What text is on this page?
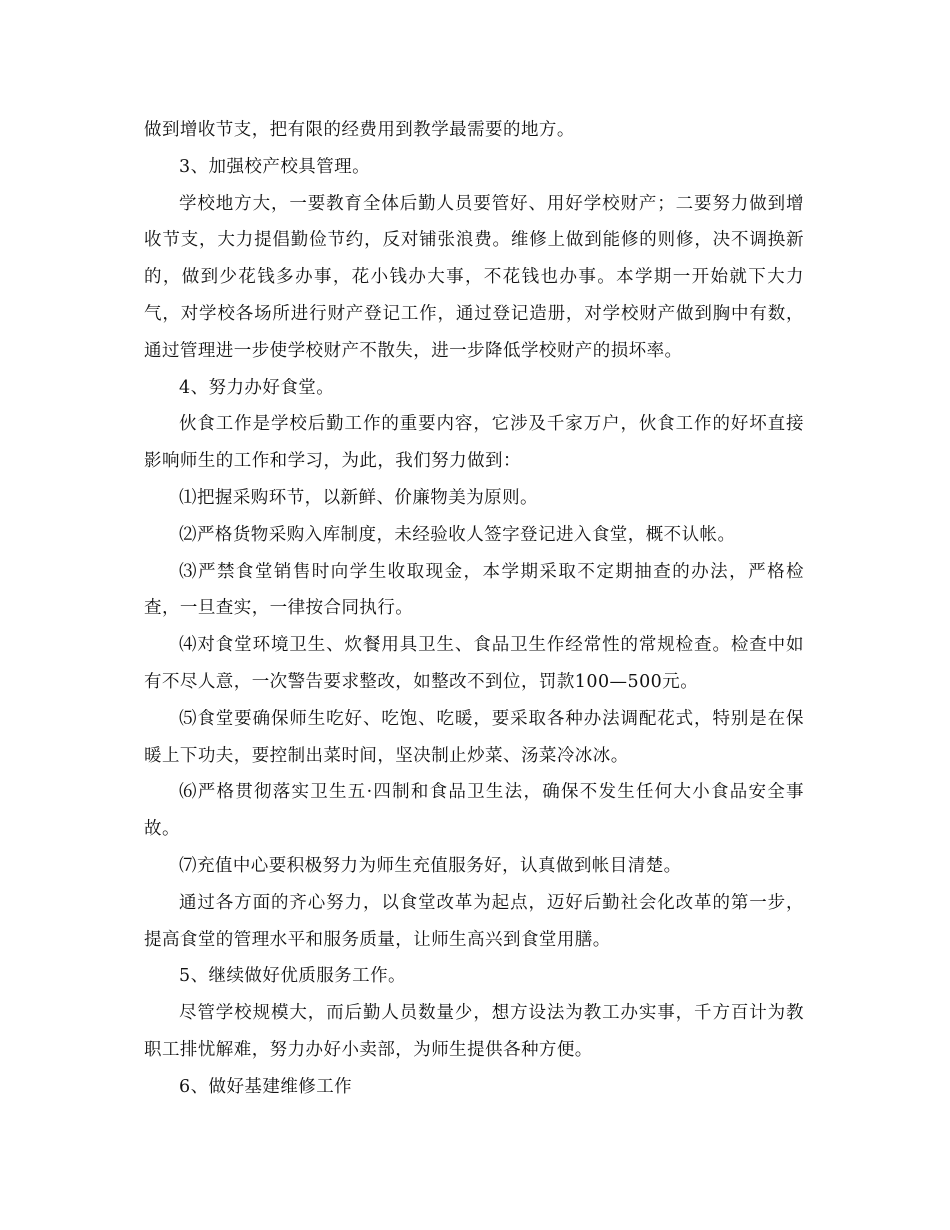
做到增收节支，把有限的经费用到教学最需要的地方。

3、加强校产校具管理。

学校地方大，一要教育全体后勤人员要管好、用好学校财产；二要努力做到增收节支，大力提倡勤俭节约，反对铺张浪费。维修上做到能修的则修，决不调换新的，做到少花钱多办事，花小钱办大事，不花钱也办事。本学期一开始就下大力气，对学校各场所进行财产登记工作，通过登记造册，对学校财产做到胸中有数，通过管理进一步使学校财产不散失，进一步降低学校财产的损坏率。

4、努力办好食堂。

伙食工作是学校后勤工作的重要内容，它涉及千家万户，伙食工作的好坏直接影响师生的工作和学习，为此，我们努力做到：

⑴把握采购环节，以新鲜、价廉物美为原则。

⑵严格货物采购入库制度，未经验收人签字登记进入食堂，概不认帐。

⑶严禁食堂销售时向学生收取现金，本学期采取不定期抽查的办法，严格检查，一旦查实，一律按合同执行。

⑷对食堂环境卫生、炊餐用具卫生、食品卫生作经常性的常规检查。检查中如有不尽人意，一次警告要求整改，如整改不到位，罚款100—500元。

⑸食堂要确保师生吃好、吃饱、吃暖，要采取各种办法调配花式，特别是在保暖上下功夫，要控制出菜时间，坚决制止炒菜、汤菜冷冰冰。

⑹严格贯彻落实卫生五·四制和食品卫生法，确保不发生任何大小食品安全事故。

⑺充值中心要积极努力为师生充值服务好，认真做到帐目清楚。

通过各方面的齐心努力，以食堂改革为起点，迈好后勤社会化改革的第一步，提高食堂的管理水平和服务质量，让师生高兴到食堂用膳。

5、继续做好优质服务工作。

尽管学校规模大，而后勤人员数量少，想方设法为教工办实事，千方百计为教职工排忧解难，努力办好小卖部，为师生提供各种方便。

6、做好基建维修工作
